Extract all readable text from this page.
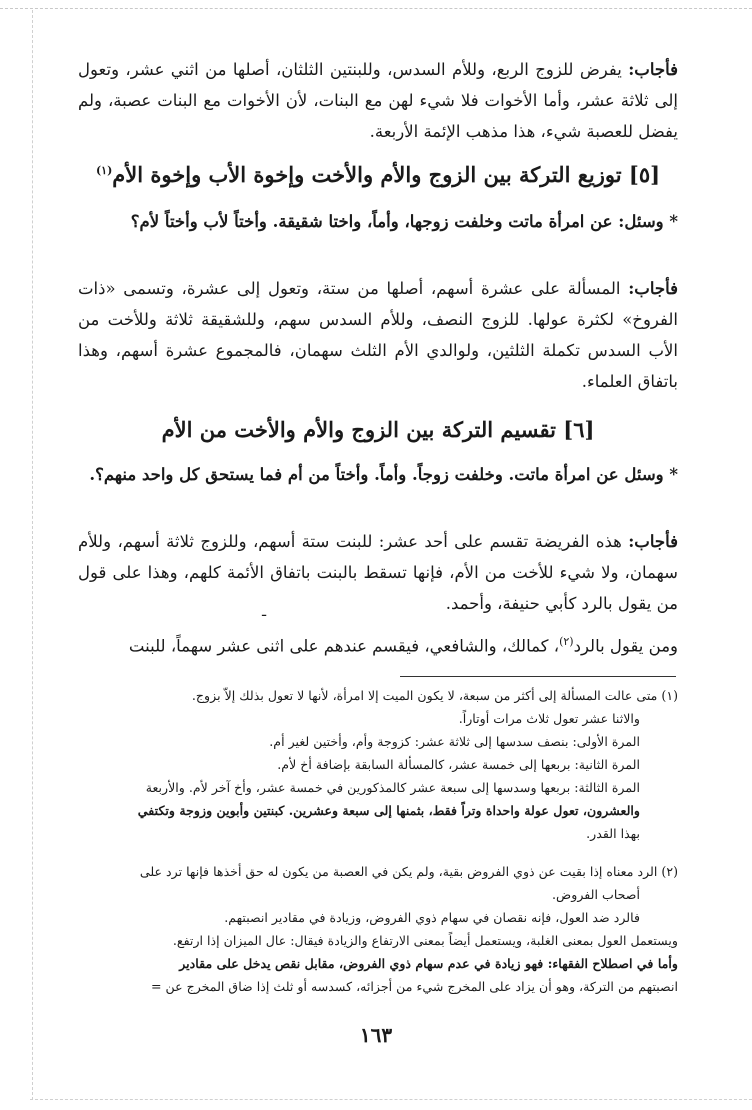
فأجاب: يفرض للزوج الربع، وللأم السدس، وللبنتين الثلثان، أصلها من اثني عشر، وتعول إلى ثلاثة عشر، وأما الأخوات فلا شيء لهن مع البنات، لأن الأخوات مع البنات عصبة، ولم يفضل للعصبة شيء، هذا مذهب الإئمة الأربعة.
[٥] توزيع التركة بين الزوج والأم والأخت وإخوة الأب وإخوة الأم$^{(١)}$
* وسئل: عن امرأة ماتت وخلفت زوجها، وأماً، واختا شقيقة. وأختاً لأب وأختاً لأم؟
فأجاب: المسألة على عشرة أسهم، أصلها من ستة، وتعول إلى عشرة، وتسمى «ذات الفروخ» لكثرة عولها. للزوج النصف، وللأم السدس سهم، وللشقيقة ثلاثة وللأخت من الأب السدس تكملة الثلثين، ولوالدي الأم الثلث سهمان، فالمجموع عشرة أسهم، وهذا باتفاق العلماء.
[٦] تقسيم التركة بين الزوج والأم والأخت من الأم
* وسئل عن امرأة ماتت. وخلفت زوجاً. وأماً. وأختاً من أم فما يستحق كل واحد منهم؟.
فأجاب: هذه الفريضة تقسم على أحد عشر: للبنت ستة أسهم، وللزوج ثلاثة أسهم، وللأم سهمان، ولا شيء للأخت من الأم، فإنها تسقط بالبنت باتفاق الأئمة كلهم، وهذا على قول من يقول بالرد كأبي حنيفة، وأحمد.
ـ
ومن يقول بالرد$^{(٢)}$، كمالك، والشافعي، فيقسم عندهم على اثنى عشر سهماً، للبنت
(١) متى عالت المسألة إلى أكثر من سبعة، لا يكون الميت إلا امرأة، لأنها لا تعول بذلك إلاّ بزوج.
والاثنا عشر تعول ثلاث مرات أوتاراً.
المرة الأولى: بنصف سدسها إلى ثلاثة عشر: كزوجة وأم، وأختين لغير أم.
المرة الثانية: بربعها إلى خمسة عشر، كالمسألة السابقة بإضافة أخ لأم.
المرة الثالثة: بربعها وسدسها إلى سبعة عشر كالمذكورين في خمسة عشر، وأخ آخر لأم. والأربعة
والعشرون، تعول عولة واحداة وتراً فقط، بثمنها إلى سبعة وعشرين. كبنتين وأبوين وزوجة وتكتفي
بهذا القدر.
(٢) الرد معناه إذا بقيت عن ذوي الفروض بقية، ولم يكن في العصبة من يكون له حق أخذها فإنها ترد على
أصحاب الفروض.
فالرد ضد العول، فإنه نقصان في سهام ذوي الفروض، وزيادة في مقادير انصبتهم.
ويستعمل العول بمعنى الغلبة، ويستعمل أيضاً بمعنى الارتفاع والزيادة فيقال: عال الميزان إذا ارتفع.
وأما في اصطلاح الفقهاء: فهو زيادة في عدم سهام ذوي الفروض، مقابل نقص يدخل على مقادير
انصبتهم من التركة، وهو أن يزاد على المخرج شيء من أجزائه، كسدسه أو ثلث إذا ضاق المخرج عن =
١٦٣
